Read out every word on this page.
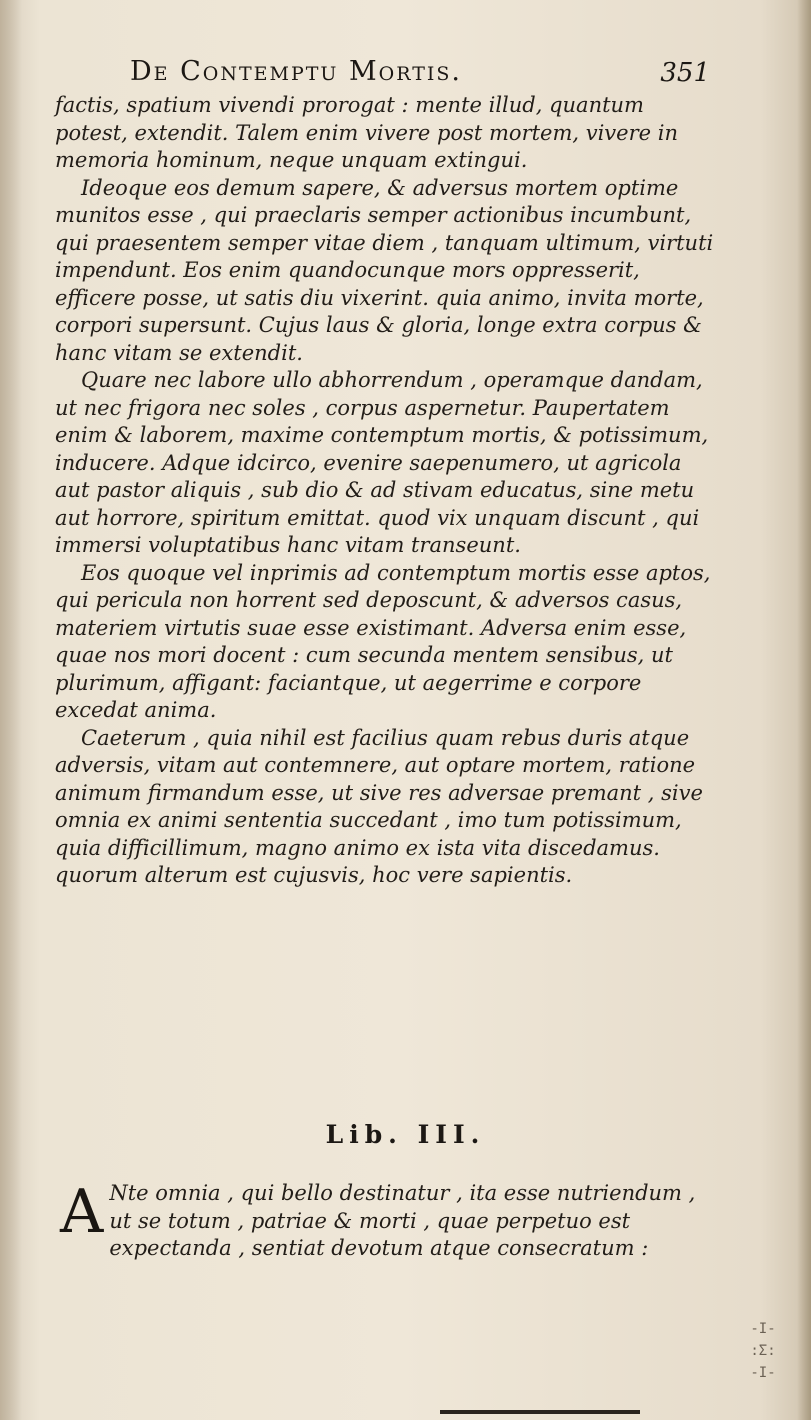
De Contemptu Mortis.	351

factis, spatium vivendi prorogat : mente illud, quantum potest, extendit. Talem enim vivere post mortem, vivere in memoria hominum, neque unquam extingui.

Ideoque eos demum sapere, & adversus mortem optime munitos esse , qui praeclaris semper actionibus incumbunt, qui praesentem semper vitae diem , tanquam ultimum, virtuti impendunt. Eos enim quandocunque mors oppresserit, efficere posse, ut satis diu vixerint. quia animo, invita morte, corpori supersunt. Cujus laus & gloria, longe extra corpus & hanc vitam se extendit.

Quare nec labore ullo abhorrendum , operamque dandam, ut nec frigora nec soles , corpus aspernetur. Paupertatem enim & laborem, maxime contemptum mortis, & potissimum, inducere. Adque idcirco, evenire saepenumero, ut agricola aut pastor aliquis , sub dio & ad stivam educatus, sine metu aut horrore, spiritum emittat. quod vix unquam discunt , qui immersi voluptatibus hanc vitam transeunt.

Eos quoque vel inprimis ad contemptum mortis esse aptos, qui pericula non horrent sed deposcunt, & adversos casus, materiem virtutis suae esse existimant. Adversa enim esse, quae nos mori docent : cum secunda mentem sensibus, ut plurimum, affigant: faciantque, ut aegerrime e corpore excedat anima.

Caeterum , quia nihil est facilius quam rebus duris atque adversis, vitam aut contemnere, aut optare mortem, ratione animum firmandum esse, ut sive res adversae premant , sive omnia ex animi sententia succedant , imo tum potissimum, quia difficillimum, magno animo ex ista vita discedamus. quorum alterum est cujusvis, hoc vere sapientis.

Lib. III.
A Nte omnia , qui bello destinatur , ita esse nutriendum , ut se totum , patriae & morti , quae perpetuo est expectanda , sentiat devotum atque consecratum :
-I-
:Σ:
-I-
